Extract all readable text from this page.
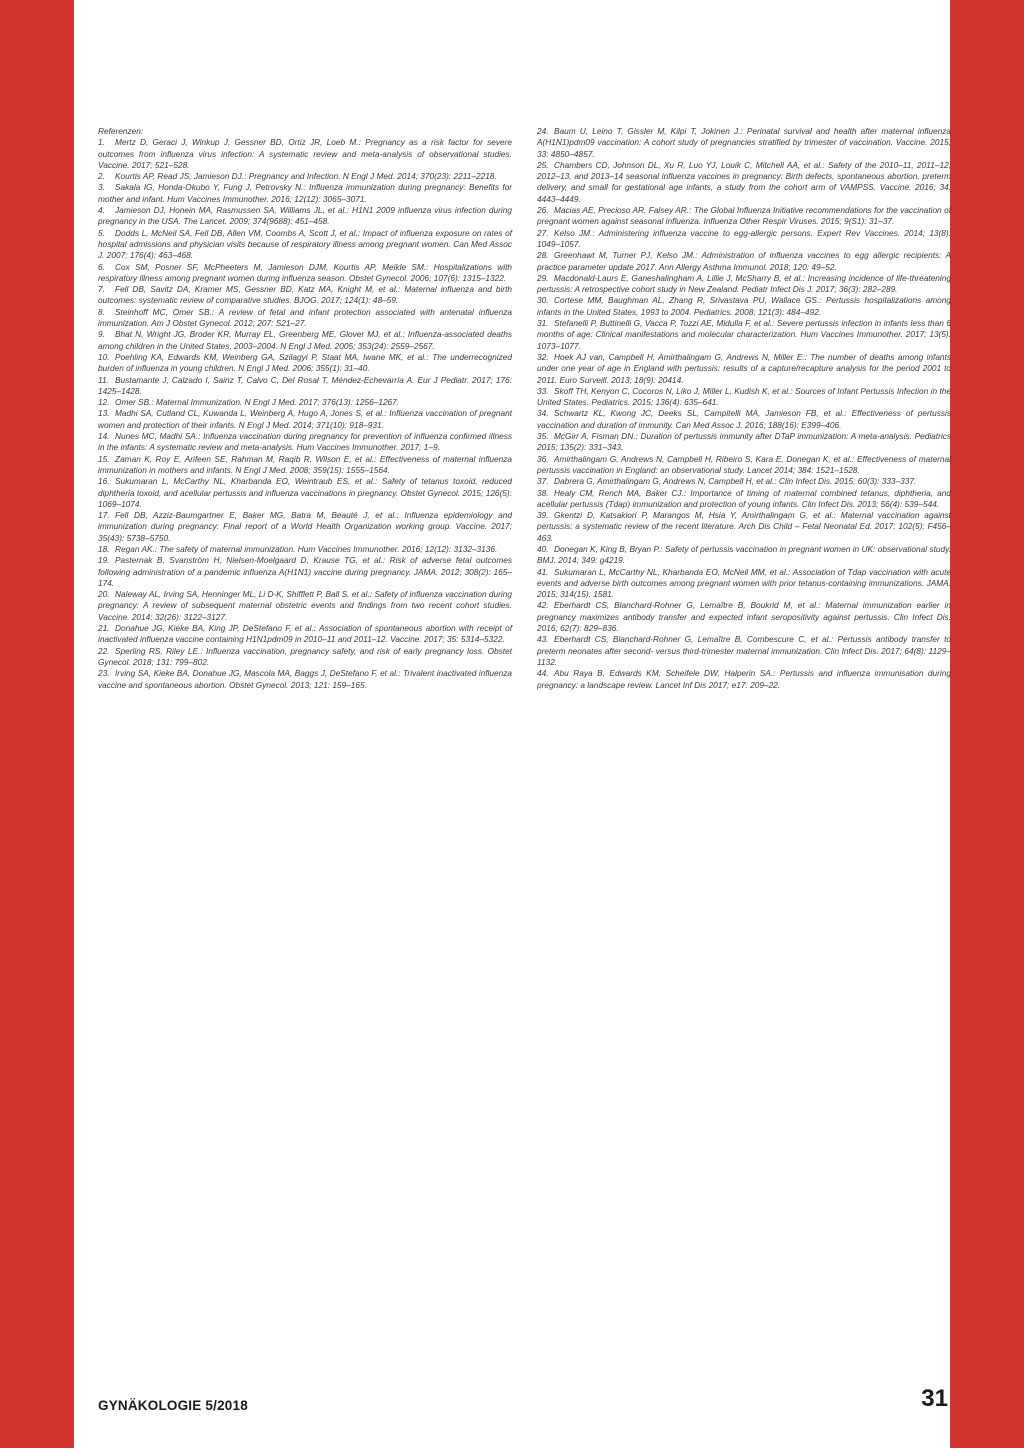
Referenzen:

1. Mertz D, Geraci J, Winkup J, Gessner BD, Ortiz JR, Loeb M.: Pregnancy as a risk factor for severe outcomes from influenza virus infection: A systematic review and meta-analysis of observational studies. Vaccine. 2017; 521–528.

2. Kourtis AP, Read JS, Jamieson DJ.: Pregnancy and Infection. N Engl J Med. 2014; 370(23): 2211–2218.

3. Sakala IG, Honda-Okubo Y, Fung J, Petrovsky N.: Influenza immunization during pregnancy: Benefits for mother and infant. Hum Vaccines Immunother. 2016; 12(12): 3065–3071.

4. Jamieson DJ, Honein MA, Rasmussen SA, Williams JL, et al.: H1N1 2009 influenza virus infection during pregnancy in the USA. The Lancet. 2009; 374(9688): 451–458.

5. Dodds L, McNeil SA, Fell DB, Allen VM, Coombs A, Scott J, et al.: Impact of influenza exposure on rates of hospital admissions and physician visits because of respiratory illness among pregnant women. Can Med Assoc J. 2007; 176(4): 463–468.

6. Cox SM, Posner SF, McPheeters M, Jamieson DJM, Kourtis AP, Meikle SM.: Hospitalizations with respiratory illness among pregnant women during influenza season. Obstet Gynecol. 2006; 107(6): 1315–1322.

7. Fell DB, Savitz DA, Kramer MS, Gessner BD, Katz MA, Knight M, et al.: Maternal influenza and birth outcomes: systematic review of comparative studies. BJOG. 2017; 124(1): 48–59.

8. Steinhoff MC, Omer SB.: A review of fetal and infant protection associated with antenatal influenza immunization. Am J Obstet Gynecol. 2012; 207: S21–27.

9. Bhat N, Wright JG, Broder KR, Murray EL, Greenberg ME, Glover MJ, et al.: Influenza-associated deaths among children in the United States, 2003–2004. N Engl J Med. 2005; 353(24): 2559–2567.

10. Poehling KA, Edwards KM, Weinberg GA, Szilagyi P, Staat MA, Iwane MK, et al.: The underrecognized burden of influenza in young children. N Engl J Med. 2006; 355(1): 31–40.

11. Bustamante J, Calzado I, Sainz T, Calvo C, Del Rosal T, Méndez-Echevarría A. Eur J Pediatr. 2017; 176: 1425–1428.

12. Omer SB.: Maternal Immunization. N Engl J Med. 2017; 376(13): 1256–1267.

13. Madhi SA, Cutland CL, Kuwanda L, Weinberg A, Hugo A, Jones S, et al.: Influenza vaccination of pregnant women and protection of their infants. N Engl J Med. 2014; 371(10): 918–931.

14. Nunes MC, Madhi SA.: Influenza vaccination during pregnancy for prevention of influenza confirmed illness in the infants: A systematic review and meta-analysis. Hum Vaccines Immunother. 2017; 1–9.

15. Zaman K, Roy E, Arifeen SE, Rahman M, Raqib R, Wilson E, et al.: Effectiveness of maternal influenza immunization in mothers and infants. N Engl J Med. 2008; 359(15): 1555–1564.

16. Sukumaran L, McCarthy NL, Kharbanda EO, Weintraub ES, et al.: Safety of tetanus toxoid, reduced diphtheria toxoid, and acellular pertussis and influenza vaccinations in pregnancy. Obstet Gynecol. 2015; 126(5): 1069–1074.

17. Fell DB, Azziz-Baumgartner E, Baker MG, Batra M, Beauté J, et al.: Influenza epidemiology and immunization during pregnancy: Final report of a World Health Organization working group. Vaccine. 2017; 35(43): 5738–5750.

18. Regan AK.: The safety of maternal immunization. Hum Vaccines Immunother. 2016; 12(12): 3132–3136.

19. Pasternak B, Svanström H, Nielsen-Moelgaard D, Krause TG, et al.: Risk of adverse fetal outcomes following administration of a pandemic influenza A(H1N1) vaccine during pregnancy. JAMA. 2012; 308(2): 165–174.

20. Naleway AL, Irving SA, Henninger ML, Li D-K, Shifflett P, Ball S, et al.: Safety of influenza vaccination during pregnancy: A review of subsequent maternal obstetric events and findings from two recent cohort studies. Vaccine. 2014; 32(26): 3122–3127.

21. Donahue JG, Kieke BA, King JP, DeStefano F, et al.: Association of spontaneous abortion with receipt of inactivated influenza vaccine containing H1N1pdm09 in 2010–11 and 2011–12. Vaccine. 2017; 35: 5314–5322.

22. Sperling RS, Riley LE.: Influenza vaccination, pregnancy safety, and risk of early pregnancy loss. Obstet Gynecol. 2018; 131: 799–802.

23. Irving SA, Kieke BA, Donahue JG, Mascola MA, Baggs J, DeStefano F, et al.: Trivalent inactivated influenza vaccine and spontaneous abortion. Obstet Gynecol. 2013; 121: 159–165.

24. Baum U, Leino T, Gissler M, Kilpi T, Jokinen J.: Perinatal survival and health after maternal influenza A(H1N1)pdm09 vaccination: A cohort study of pregnancies stratified by trimester of vaccination. Vaccine. 2015; 33: 4850–4857.

25. Chambers CD, Johnson DL, Xu R, Luo YJ, Louik C, Mitchell AA, et al.: Safety of the 2010–11, 2011–12, 2012–13, and 2013–14 seasonal influenza vaccines in pregnancy: Birth defects, spontaneous abortion, preterm delivery, and small for gestational age infants, a study from the cohort arm of VAMPSS. Vaccine. 2016; 34: 4443–4449.

26. Macias AE, Precioso AR, Falsey AR.: The Global Influenza Initiative recommendations for the vaccination of pregnant women against seasonal influenza. Influenza Other Respir Viruses. 2015; 9(S1): 31–37.

27. Kelso JM.: Administering influenza vaccine to egg-allergic persons. Expert Rev Vaccines. 2014; 13(8): 1049–1057.

28. Greenhawt M, Turner PJ, Kelso JM.: Administration of influenza vaccines to egg allergic recipients: A practice parameter update 2017. Ann Allergy Asthma Immunol. 2018; 120: 49–52.

29. Macdonald-Laurs E, Ganeshalingham A, Lillie J, McSharry B, et al.: Increasing incidence of life-threatening pertussis: A retrospective cohort study in New Zealand. Pediatr Infect Dis J. 2017; 36(3): 282–289.

30. Cortese MM, Baughman AL, Zhang R, Srivastava PU, Wallace GS.: Pertussis hospitalizations among infants in the United States, 1993 to 2004. Pediatrics. 2008; 121(3): 484–492.

31. Stefanelli P, Buttinelli G, Vacca P, Tozzi AE, Midulla F, et al.: Severe pertussis infection in infants less than 6 months of age: Clinical manifestations and molecular characterization. Hum Vaccines Immunother. 2017; 13(5): 1073–1077.

32. Hoek AJ van, Campbell H, Amirthalingam G, Andrews N, Miller E.: The number of deaths among infants under one year of age in England with pertussis: results of a capture/recapture analysis for the period 2001 to 2011. Euro Surveill. 2013; 18(9): 20414.

33. Skoff TH, Kenyon C, Cocoros N, Liko J, Miller L, Kudish K, et al.: Sources of Infant Pertussis Infection in the United States. Pediatrics. 2015; 136(4): 635–641.

34. Schwartz KL, Kwong JC, Deeks SL, Campitelli MA, Jamieson FB, et al.: Effectiveness of pertussis vaccination and duration of immunity. Can Med Assoc J. 2016; 188(16): E399–406.

35. McGirr A, Fisman DN.: Duration of pertussis immunity after DTaP immunization: A meta-analysis. Pediatrics 2015; 135(2): 331–343.

36. Amirthalingam G, Andrews N, Campbell H, Ribeiro S, Kara E, Donegan K, et al.: Effectiveness of maternal pertussis vaccination in England: an observational study. Lancet 2014; 384: 1521–1528.

37. Dabrera G, Amirthalingam G, Andrews N, Campbell H, et al.: Clin Infect Dis. 2015; 60(3): 333–337.

38. Healy CM, Rench MA, Baker CJ.: Importance of timing of maternal combined tetanus, diphtheria, and acellular pertussis (Tdap) immunization and protection of young infants. Clin Infect Dis. 2013; 56(4): 539–544.

39. Gkentzi D, Katsakiori P, Marangos M, Hsia Y, Amirthalingam G, et al.: Maternal vaccination against pertussis: a systematic review of the recent literature. Arch Dis Child – Fetal Neonatal Ed. 2017; 102(5): F456–463.

40. Donegan K, King B, Bryan P.: Safety of pertussis vaccination in pregnant women in UK: observational study. BMJ. 2014; 349: g4219.

41. Sukumaran L, McCarthy NL, Kharbanda EO, McNeil MM, et al.: Association of Tdap vaccination with acute events and adverse birth outcomes among pregnant women with prior tetanus-containing immunizations. JAMA. 2015; 314(15): 1581.

42. Eberhardt CS, Blanchard-Rohner G, Lemaître B, Boukrid M, et al.: Maternal immunization earlier in pregnancy maximizes antibody transfer and expected infant seropositivity against pertussis. Clin Infect Dis. 2016; 62(7): 829–836.

43. Eberhardt CS, Blanchard-Rohner G, Lemaître B, Combescure C, et al.: Pertussis antibody transfer to preterm neonates after second- versus third-trimester maternal immunization. Clin Infect Dis. 2017; 64(8): 1129–1132.

44. Abu Raya B, Edwards KM, Scheifele DW, Halperin SA.: Pertussis and influenza immunisation during pregnancy: a landscape review. Lancet Inf Dis 2017; e17: 209–22.

GYNÄKOLOGIE 5/2018	31
